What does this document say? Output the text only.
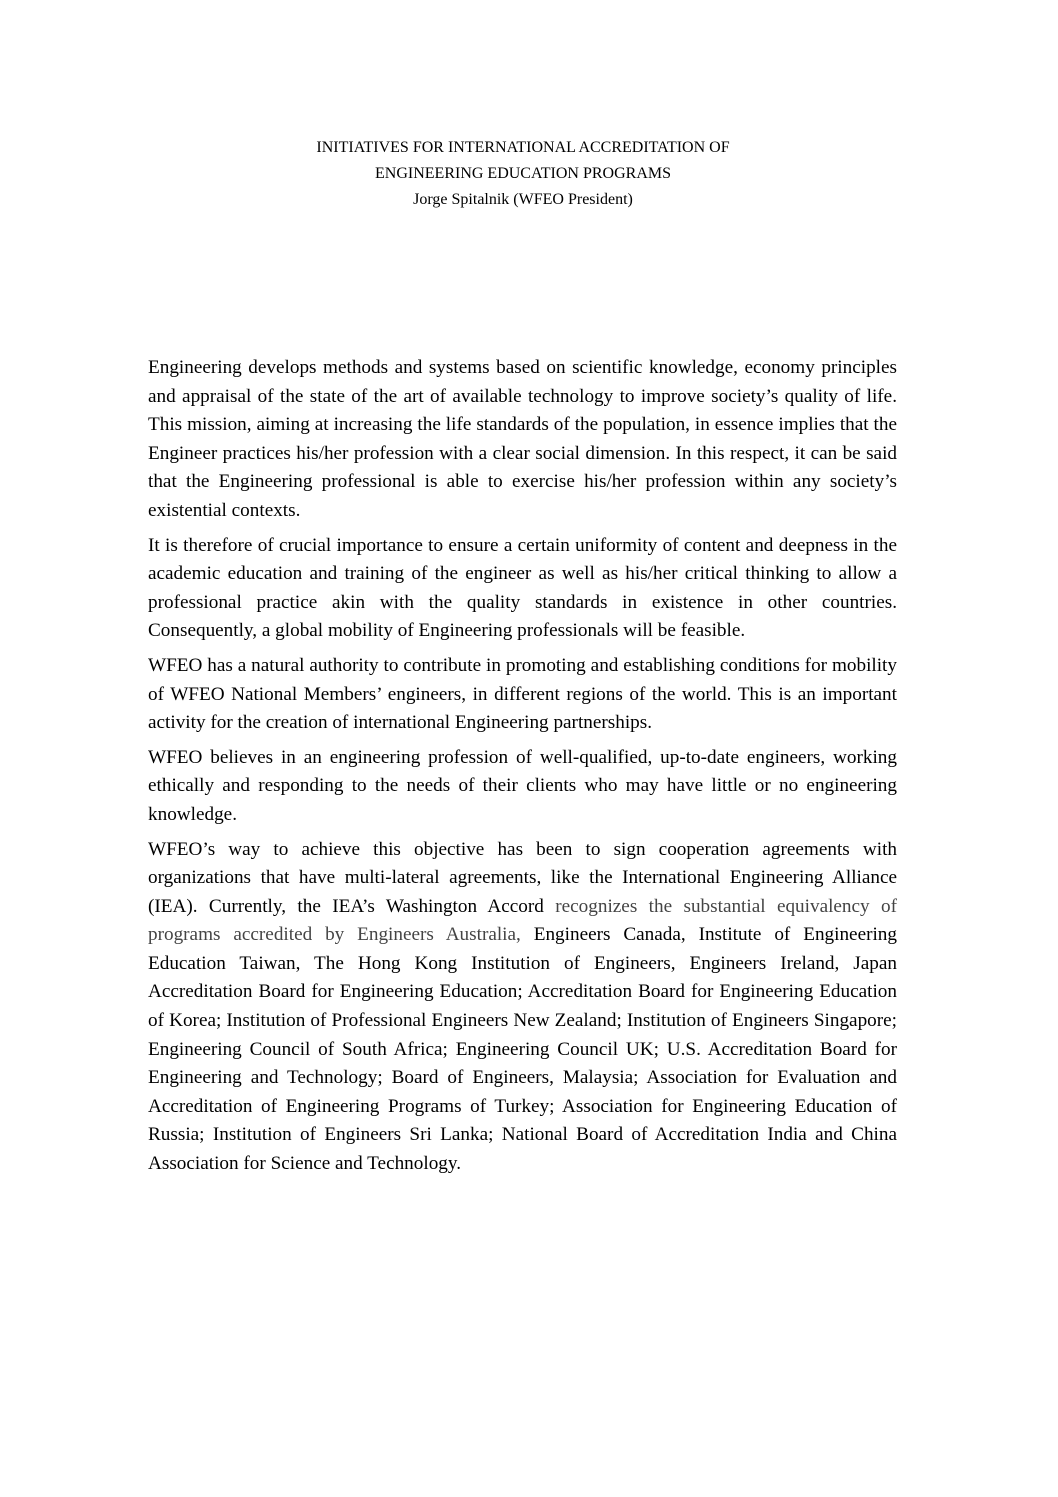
INITIATIVES FOR INTERNATIONAL ACCREDITATION OF
ENGINEERING EDUCATION PROGRAMS
Jorge Spitalnik (WFEO President)

Engineering develops methods and systems based on scientific knowledge, economy principles and appraisal of the state of the art of available technology to improve society’s quality of life. This mission, aiming at increasing the life standards of the population, in essence implies that the Engineer practices his/her profession with a clear social dimension. In this respect, it can be said that the Engineering professional is able to exercise his/her profession within any society’s existential contexts.

It is therefore of crucial importance to ensure a certain uniformity of content and deepness in the academic education and training of the engineer as well as his/her critical thinking to allow a professional practice akin with the quality standards in existence in other countries. Consequently, a global mobility of Engineering professionals will be feasible.

WFEO has a natural authority to contribute in promoting and establishing conditions for mobility of WFEO National Members’ engineers, in different regions of the world. This is an important activity for the creation of international Engineering partnerships.

WFEO believes in an engineering profession of well-qualified, up-to-date engineers, working ethically and responding to the needs of their clients who may have little or no engineering knowledge.

WFEO’s way to achieve this objective has been to sign cooperation agreements with organizations that have multi-lateral agreements, like the International Engineering Alliance (IEA). Currently, the IEA’s Washington Accord recognizes the substantial equivalency of programs accredited by Engineers Australia, Engineers Canada, Institute of Engineering Education Taiwan, The Hong Kong Institution of Engineers, Engineers Ireland, Japan Accreditation Board for Engineering Education; Accreditation Board for Engineering Education of Korea; Institution of Professional Engineers New Zealand; Institution of Engineers Singapore; Engineering Council of South Africa; Engineering Council UK; U.S. Accreditation Board for Engineering and Technology; Board of Engineers, Malaysia; Association for Evaluation and Accreditation of Engineering Programs of Turkey; Association for Engineering Education of Russia; Institution of Engineers Sri Lanka; National Board of Accreditation India and China Association for Science and Technology.
